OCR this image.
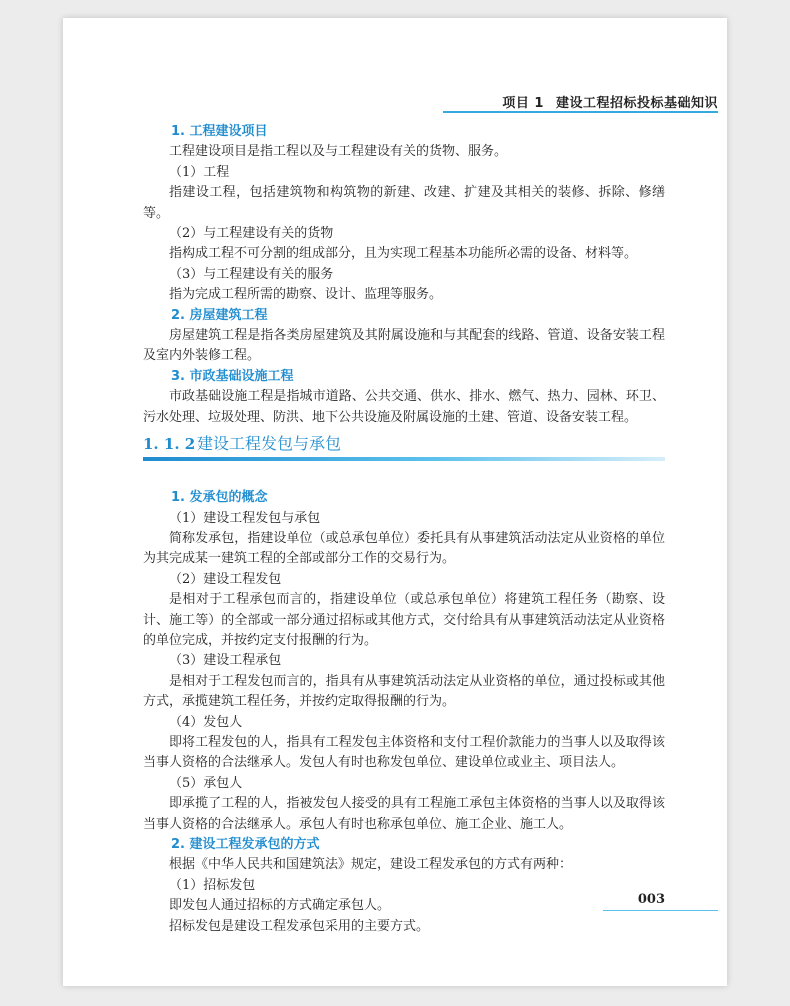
项目 1 建设工程招标投标基础知识

1. 工程建设项目

工程建设项目是指工程以及与工程建设有关的货物、服务。

（1）工程

指建设工程，包括建筑物和构筑物的新建、改建、扩建及其相关的装修、拆除、修缮等。

（2）与工程建设有关的货物

指构成工程不可分割的组成部分，且为实现工程基本功能所必需的设备、材料等。

（3）与工程建设有关的服务

指为完成工程所需的勘察、设计、监理等服务。

2. 房屋建筑工程

房屋建筑工程是指各类房屋建筑及其附属设施和与其配套的线路、管道、设备安装工程及室内外装修工程。

3. 市政基础设施工程

市政基础设施工程是指城市道路、公共交通、供水、排水、燃气、热力、园林、环卫、污水处理、垃圾处理、防洪、地下公共设施及附属设施的土建、管道、设备安装工程。

1. 1. 2 建设工程发包与承包

1. 发承包的概念

（1）建设工程发包与承包

简称发承包，指建设单位（或总承包单位）委托具有从事建筑活动法定从业资格的单位为其完成某一建筑工程的全部或部分工作的交易行为。

（2）建设工程发包

是相对于工程承包而言的，指建设单位（或总承包单位）将建筑工程任务（勘察、设计、施工等）的全部或一部分通过招标或其他方式，交付给具有从事建筑活动法定从业资格的单位完成，并按约定支付报酬的行为。

（3）建设工程承包

是相对于工程发包而言的，指具有从事建筑活动法定从业资格的单位，通过投标或其他方式，承揽建筑工程任务，并按约定取得报酬的行为。

（4）发包人

即将工程发包的人，指具有工程发包主体资格和支付工程价款能力的当事人以及取得该当事人资格的合法继承人。发包人有时也称发包单位、建设单位或业主、项目法人。

（5）承包人

即承揽了工程的人，指被发包人接受的具有工程施工承包主体资格的当事人以及取得该当事人资格的合法继承人。承包人有时也称承包单位、施工企业、施工人。

2. 建设工程发承包的方式

根据《中华人民共和国建筑法》规定，建设工程发承包的方式有两种：

（1）招标发包

即发包人通过招标的方式确定承包人。

招标发包是建设工程发承包采用的主要方式。

003
